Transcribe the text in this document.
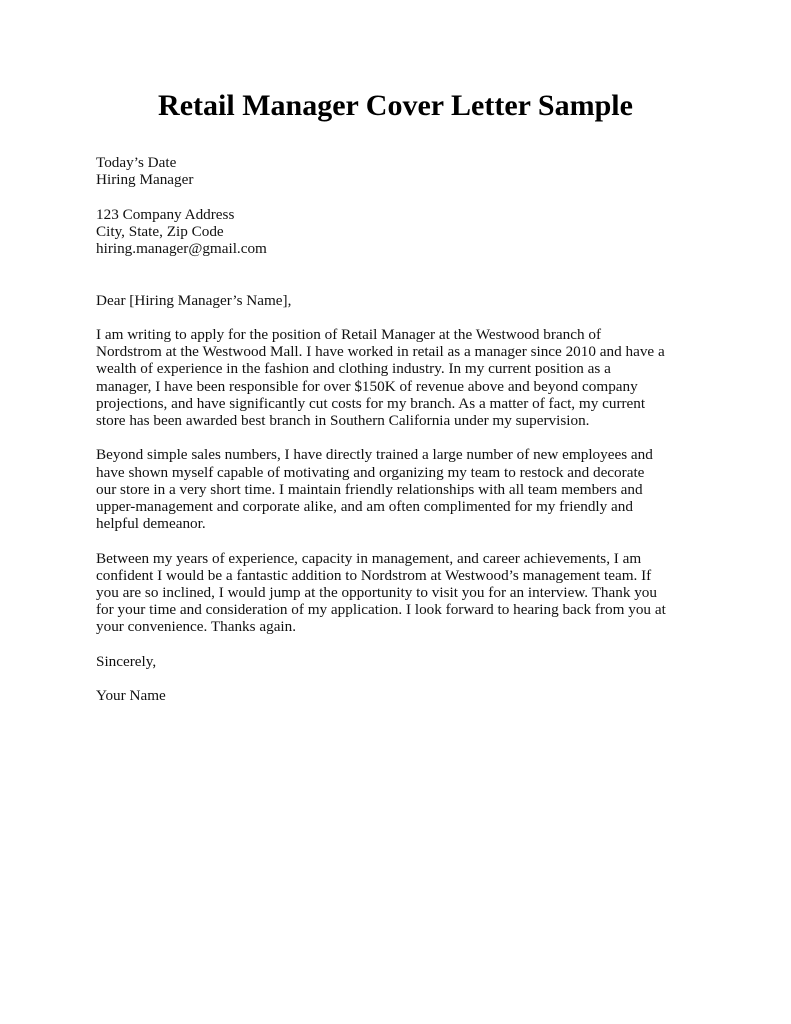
Retail Manager Cover Letter Sample
Today’s Date
Hiring Manager
123 Company Address
City, State, Zip Code
hiring.manager@gmail.com

Dear [Hiring Manager’s Name],

I am writing to apply for the position of Retail Manager at the Westwood branch of
Nordstrom at the Westwood Mall. I have worked in retail as a manager since 2010 and have a
wealth of experience in the fashion and clothing industry. In my current position as a
manager, I have been responsible for over $150K of revenue above and beyond company
projections, and have significantly cut costs for my branch. As a matter of fact, my current
store has been awarded best branch in Southern California under my supervision.
Beyond simple sales numbers, I have directly trained a large number of new employees and
have shown myself capable of motivating and organizing my team to restock and decorate
our store in a very short time. I maintain friendly relationships with all team members and
upper-management and corporate alike, and am often complimented for my friendly and
helpful demeanor.
Between my years of experience, capacity in management, and career achievements, I am
confident I would be a fantastic addition to Nordstrom at Westwood’s management team. If
you are so inclined, I would jump at the opportunity to visit you for an interview. Thank you
for your time and consideration of my application. I look forward to hearing back from you at
your convenience. Thanks again.

Sincerely,

Your Name
